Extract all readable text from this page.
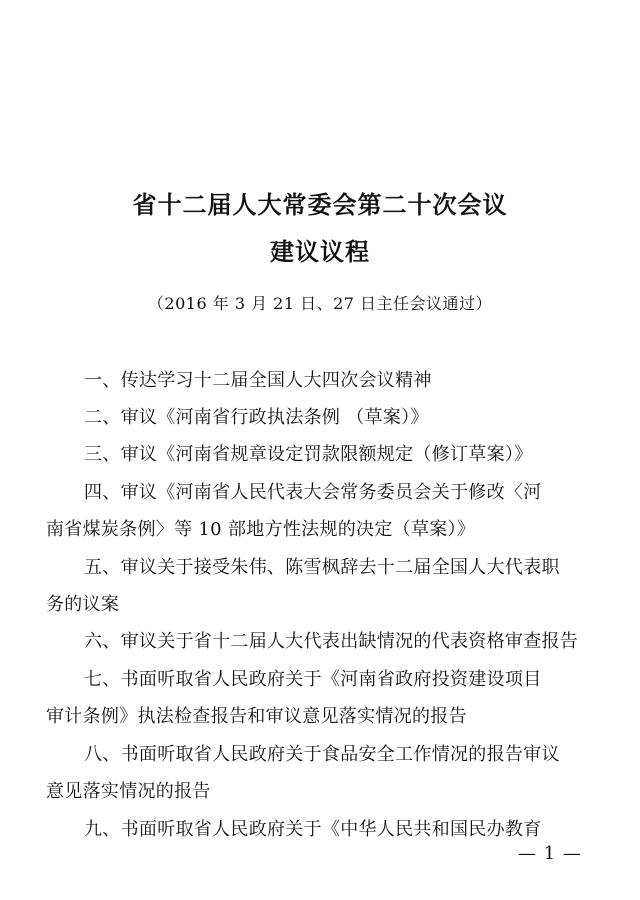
省十二届人大常委会第二十次会议
建议议程
（2016 年 3 月 21 日、27 日主任会议通过）
一、传达学习十二届全国人大四次会议精神
二、审议《河南省行政执法条例 （草案）》
三、审议《河南省规章设定罚款限额规定（修订草案）》
四、审议《河南省人民代表大会常务委员会关于修改〈河
南省煤炭条例〉等 10 部地方性法规的决定（草案）》
五、审议关于接受朱伟、陈雪枫辞去十二届全国人大代表职
务的议案
六、审议关于省十二届人大代表出缺情况的代表资格审查报告
七、书面听取省人民政府关于《河南省政府投资建设项目
审计条例》执法检查报告和审议意见落实情况的报告
八、书面听取省人民政府关于食品安全工作情况的报告审议
意见落实情况的报告
九、书面听取省人民政府关于《中华人民共和国民办教育
— 1 —
